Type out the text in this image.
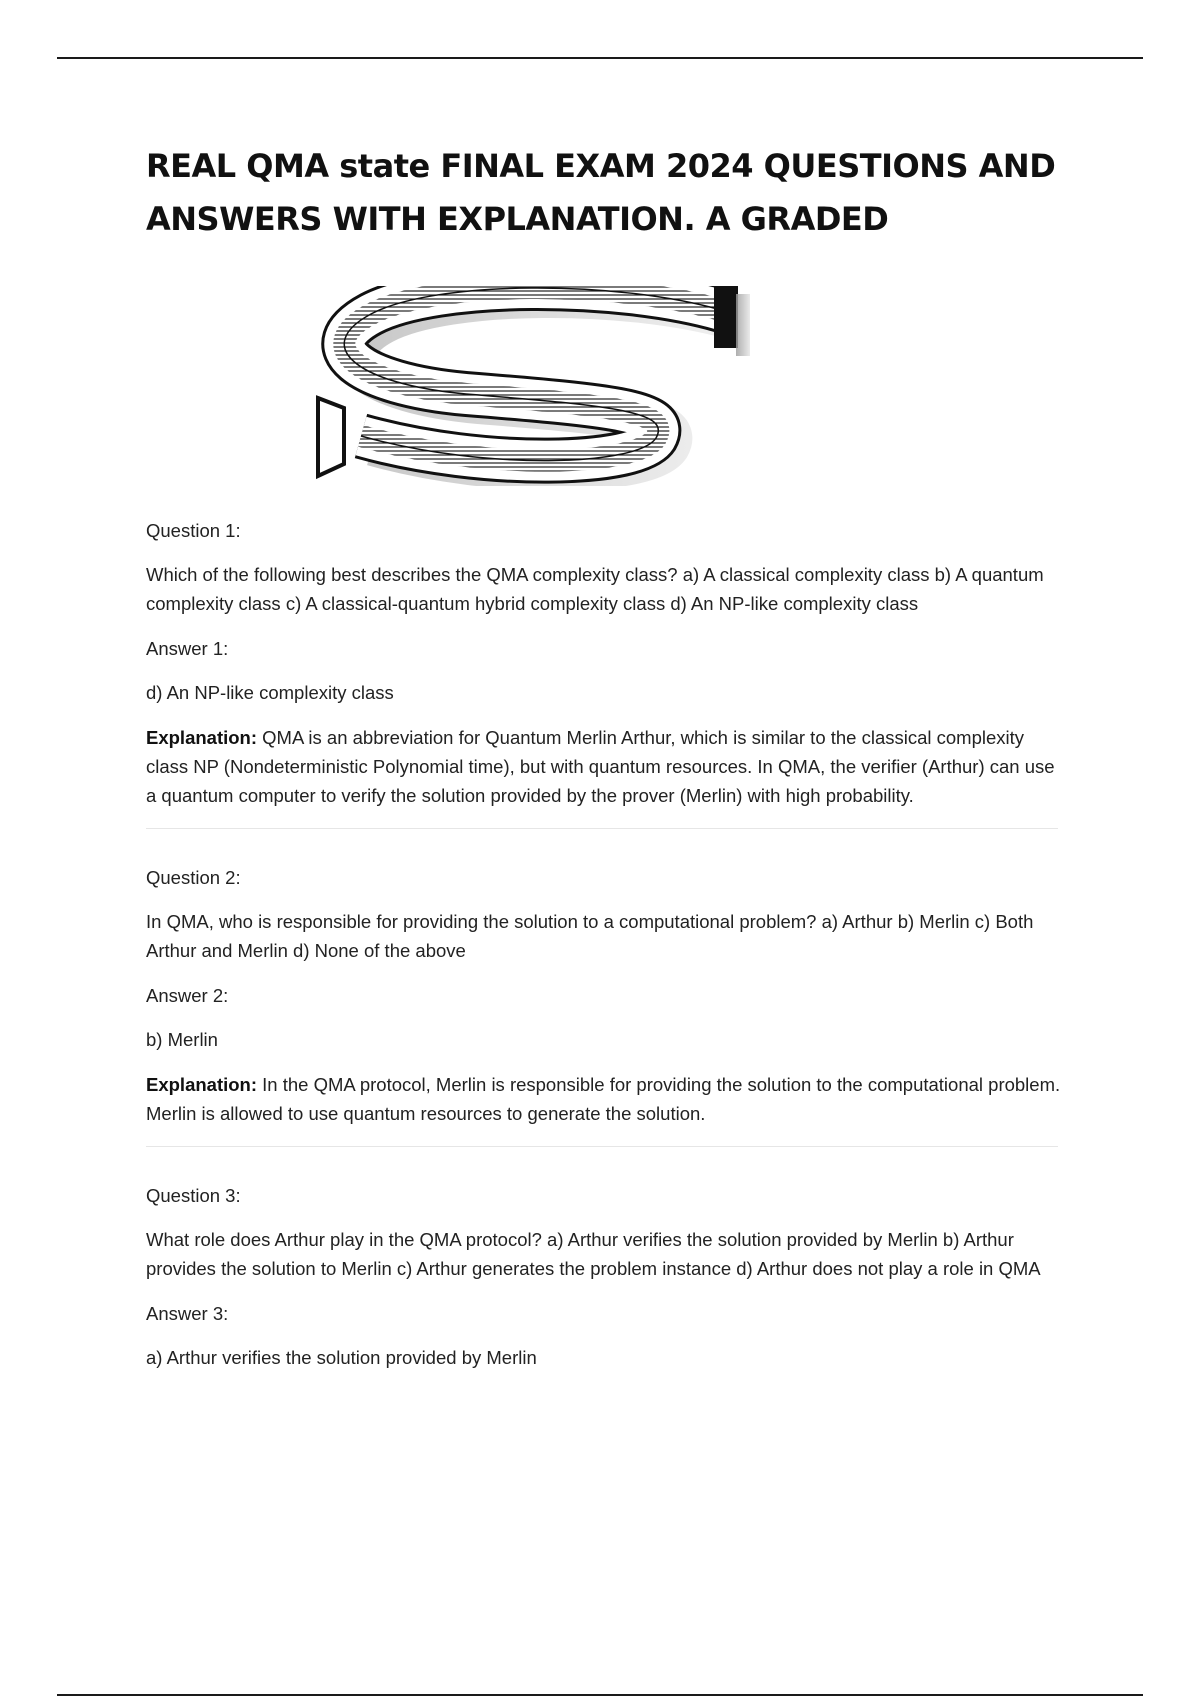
REAL QMA state FINAL EXAM 2024 QUESTIONS AND ANSWERS WITH EXPLANATION. A GRADED

Question 1:

Which of the following best describes the QMA complexity class? a) A classical complexity class b) A quantum complexity class c) A classical-quantum hybrid complexity class d) An NP-like complexity class

Answer 1:

d) An NP-like complexity class

Explanation: QMA is an abbreviation for Quantum Merlin Arthur, which is similar to the classical complexity class NP (Nondeterministic Polynomial time), but with quantum resources. In QMA, the verifier (Arthur) can use a quantum computer to verify the solution provided by the prover (Merlin) with high probability.

Question 2:

In QMA, who is responsible for providing the solution to a computational problem? a) Arthur b) Merlin c) Both Arthur and Merlin d) None of the above

Answer 2:

b) Merlin

Explanation: In the QMA protocol, Merlin is responsible for providing the solution to the computational problem. Merlin is allowed to use quantum resources to generate the solution.

Question 3:

What role does Arthur play in the QMA protocol? a) Arthur verifies the solution provided by Merlin b) Arthur provides the solution to Merlin c) Arthur generates the problem instance d) Arthur does not play a role in QMA

Answer 3:

a) Arthur verifies the solution provided by Merlin
